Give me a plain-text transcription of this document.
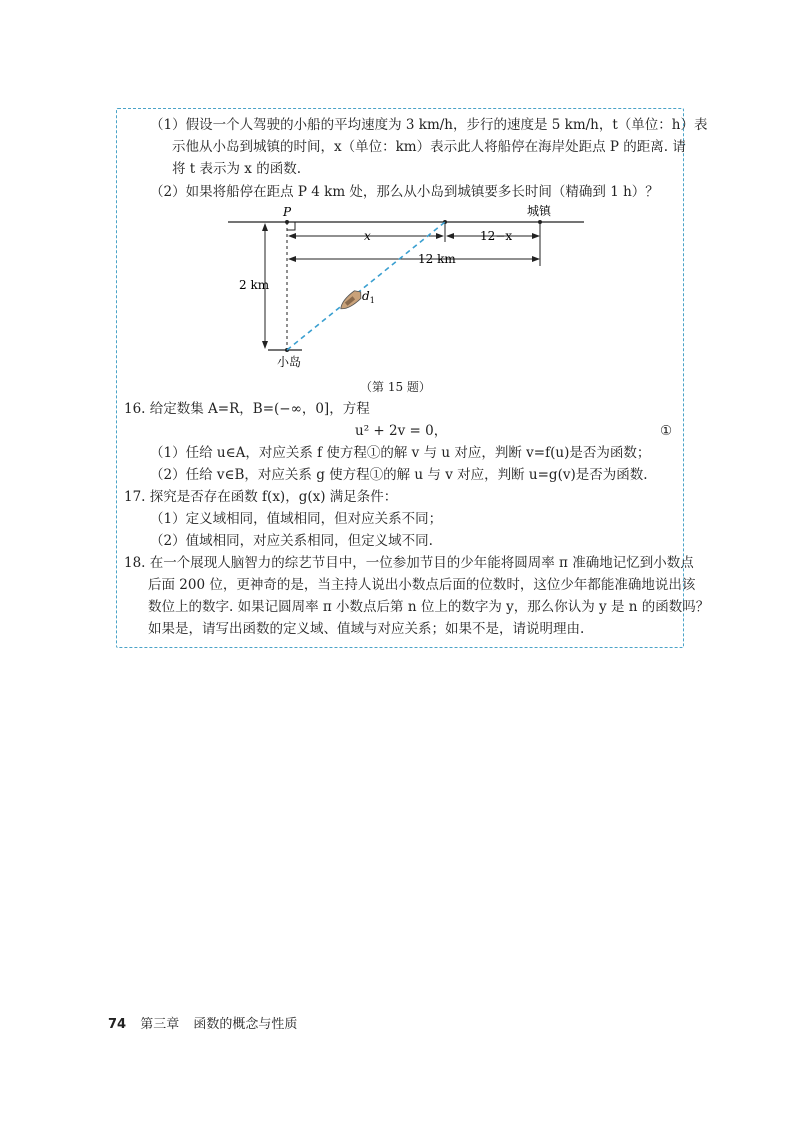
（1）假设一个人驾驶的小船的平均速度为 3 km/h，步行的速度是 5 km/h，t（单位：h）表
示他从小岛到城镇的时间，x（单位：km）表示此人将船停在海岸处距点 P 的距离. 请
将 t 表示为 x 的函数.
（2）如果将船停在距点 P 4 km 处，那么从小岛到城镇要多长时间（精确到 1 h）？
P	城镇
x	12−x
12 km
2 km
$d_1$
小岛
（第 15 题）
16. 给定数集 A=R，B=(−∞，0]，方程
u² + 2v = 0，	①
（1）任给 u∈A，对应关系 f 使方程①的解 v 与 u 对应，判断 v=f(u)是否为函数；
（2）任给 v∈B，对应关系 g 使方程①的解 u 与 v 对应，判断 u=g(v)是否为函数.
17. 探究是否存在函数 f(x)，g(x) 满足条件：
（1）定义域相同，值域相同，但对应关系不同；
（2）值域相同，对应关系相同，但定义域不同.
18. 在一个展现人脑智力的综艺节目中，一位参加节目的少年能将圆周率 π 准确地记忆到小数点
后面 200 位，更神奇的是，当主持人说出小数点后面的位数时，这位少年都能准确地说出该
数位上的数字. 如果记圆周率 π 小数点后第 n 位上的数字为 y，那么你认为 y 是 n 的函数吗？
如果是，请写出函数的定义域、值域与对应关系；如果不是，请说明理由.
74 第三章 函数的概念与性质
